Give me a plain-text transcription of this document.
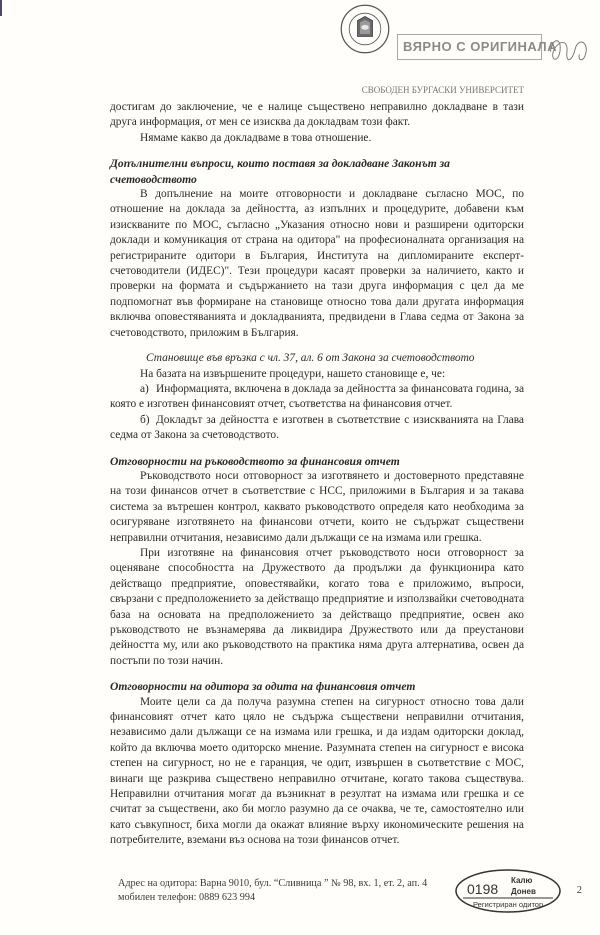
ВЯРНО С ОРИГИНАЛА
СВОБОДЕН БУРГАСКИ УНИВЕРСИТЕТ

достигам до заключение, че е налице съществено неправилно докладване в тази друга информация, от мен се изисква да докладвам този факт.

Нямаме какво да докладваме в това отношение.

Допълнителни въпроси, които поставя за докладване Законът за счетоводството

В допълнение на моите отговорности и докладване съгласно МОС, по отношение на доклада за дейността, аз изпълних и процедурите, добавени към изискваните по МОС, съгласно „Указания относно нови и разширени одиторски доклади и комуникация от страна на одитора" на професионалната организация на регистрираните одитори в България, Института на дипломираните експерт-счетоводители (ИДЕС)". Тези процедури касаят проверки за наличието, както и проверки на формата и съдържанието на тази друга информация с цел да ме подпомогнат във формиране на становище относно това дали другата информация включва оповестяванията и докладванията, предвидени в Глава седма от Закона за счетоводството, приложим в България.

Становище във връзка с чл. 37, ал. 6 от Закона за счетоводството

На базата на извършените процедури, нашето становище е, че:

а) Информацията, включена в доклада за дейността за финансовата година, за която е изготвен финансовият отчет, съответства на финансовия отчет.

б) Докладът за дейността е изготвен в съответствие с изискванията на Глава седма от Закона за счетоводството.

Отговорности на ръководството за финансовия отчет

Ръководството носи отговорност за изготвянето и достоверното представяне на този финансов отчет в съответствие с НСС, приложими в България и за такава система за вътрешен контрол, каквато ръководството определя като необходима за осигуряване изготвянето на финансови отчети, които не съдържат съществени неправилни отчитания, независимо дали дължащи се на измама или грешка.

При изготвяне на финансовия отчет ръководството носи отговорност за оценяване способността на Дружеството да продължи да функционира като действащо предприятие, оповестявайки, когато това е приложимо, въпроси, свързани с предположението за действащо предприятие и използвайки счетоводната база на основата на предположението за действащо предприятие, освен ако ръководството не възнамерява да ликвидира Дружеството или да преустанови дейността му, или ако ръководството на практика няма друга алтернатива, освен да постъпи по този начин.

Отговорности на одитора за одита на финансовия отчет

Моите цели са да получа разумна степен на сигурност относно това дали финансовият отчет като цяло не съдържа съществени неправилни отчитания, независимо дали дължащи се на измама или грешка, и да издам одиторски доклад, който да включва моето одиторско мнение. Разумната степен на сигурност е висока степен на сигурност, но не е гаранция, че одит, извършен в съответствие с МОС, винаги ще разкрива съществено неправилно отчитане, когато такова съществува. Неправилни отчитания могат да възникнат в резултат на измама или грешка и се считат за съществени, ако би могло разумно да се очаква, че те, самостоятелно или като съвкупност, биха могли да окажат влияние върху икономическите решения на потребителите, вземани въз основа на този финансов отчет.

Адрес на одитора: Варна 9010, бул. “Сливница ” № 98, вх. 1, ет. 2, ап. 4
мобилен телефон: 0889 623 994
0198
Калю
Донев
Регистриран одитор
2
